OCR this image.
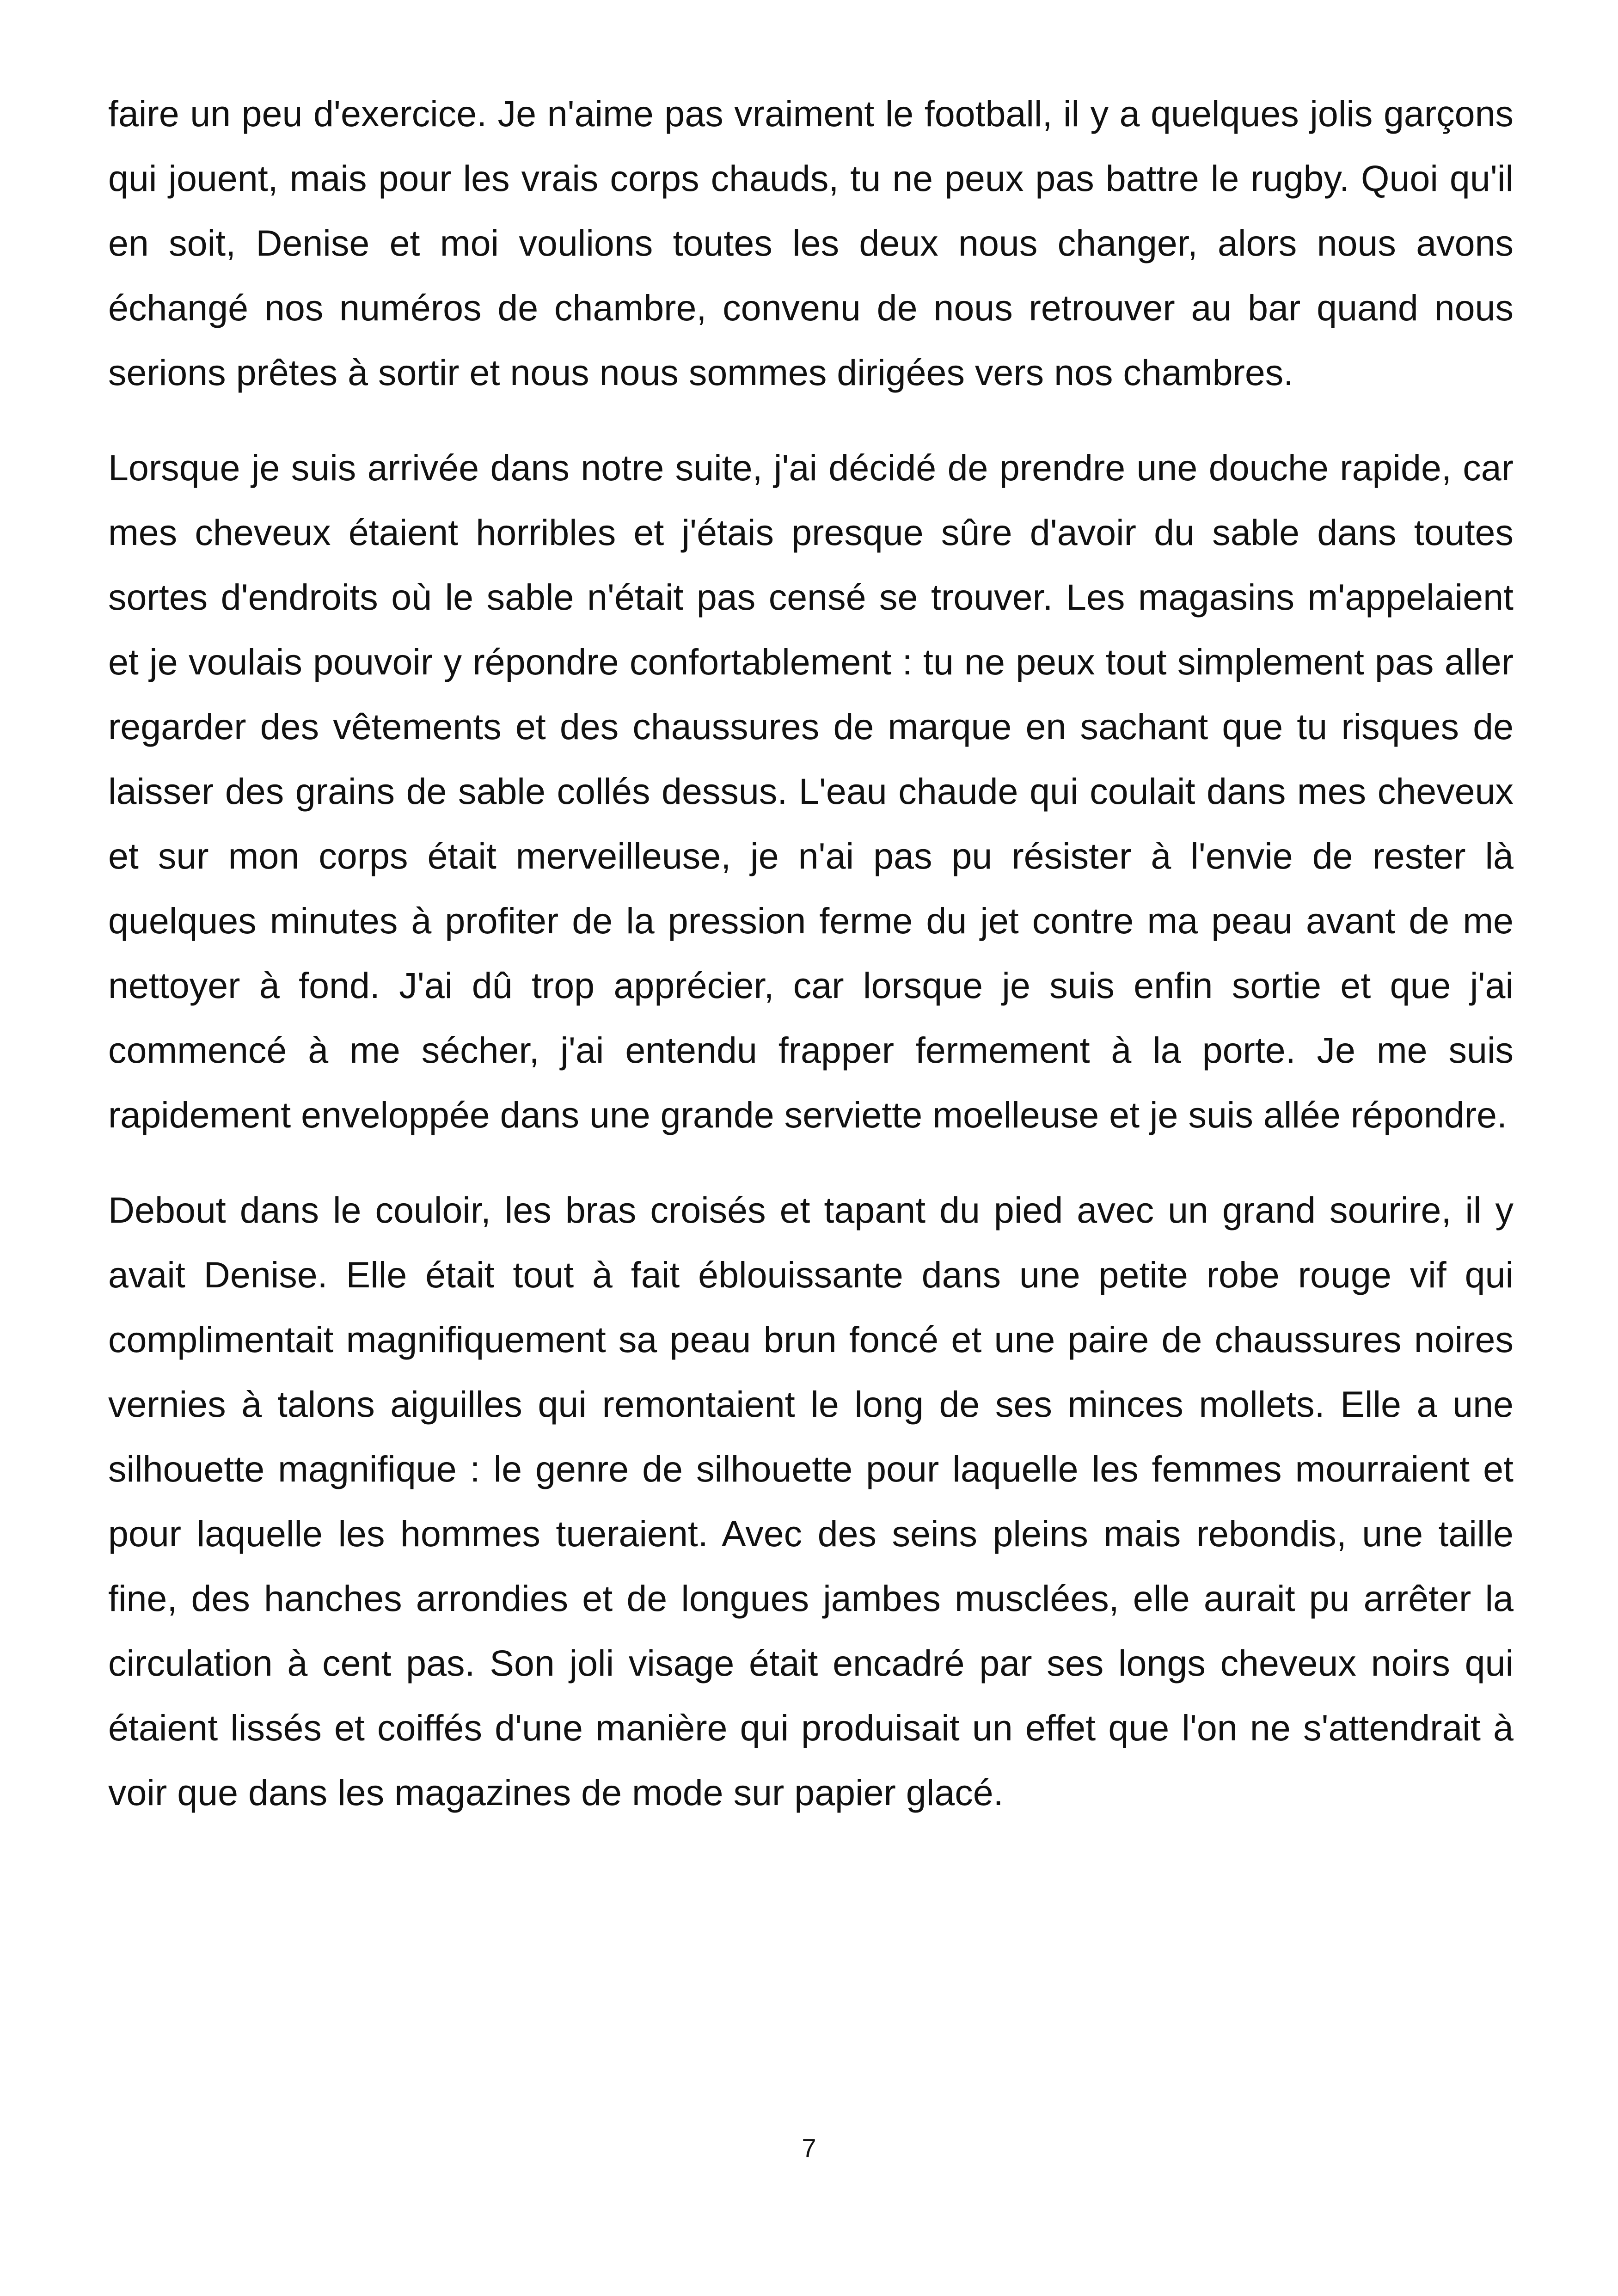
faire un peu d'exercice. Je n'aime pas vraiment le football, il y a quelques jolis garçons qui jouent, mais pour les vrais corps chauds, tu ne peux pas battre le rugby. Quoi qu'il en soit, Denise et moi voulions toutes les deux nous changer, alors nous avons échangé nos numéros de chambre, convenu de nous retrouver au bar quand nous serions prêtes à sortir et nous nous sommes dirigées vers nos chambres.

Lorsque je suis arrivée dans notre suite, j'ai décidé de prendre une douche rapide, car mes cheveux étaient horribles et j'étais presque sûre d'avoir du sable dans toutes sortes d'endroits où le sable n'était pas censé se trouver. Les magasins m'appelaient et je voulais pouvoir y répondre confortablement : tu ne peux tout simplement pas aller regarder des vêtements et des chaussures de marque en sachant que tu risques de laisser des grains de sable collés dessus. L'eau chaude qui coulait dans mes cheveux et sur mon corps était merveilleuse, je n'ai pas pu résister à l'envie de rester là quelques minutes à profiter de la pression ferme du jet contre ma peau avant de me nettoyer à fond. J'ai dû trop apprécier, car lorsque je suis enfin sortie et que j'ai commencé à me sécher, j'ai entendu frapper fermement à la porte. Je me suis rapidement enveloppée dans une grande serviette moelleuse et je suis allée répondre.

Debout dans le couloir, les bras croisés et tapant du pied avec un grand sourire, il y avait Denise. Elle était tout à fait éblouissante dans une petite robe rouge vif qui complimentait magnifiquement sa peau brun foncé et une paire de chaussures noires vernies à talons aiguilles qui remontaient le long de ses minces mollets. Elle a une silhouette magnifique : le genre de silhouette pour laquelle les femmes mourraient et pour laquelle les hommes tueraient. Avec des seins pleins mais rebondis, une taille fine, des hanches arrondies et de longues jambes musclées, elle aurait pu arrêter la circulation à cent pas. Son joli visage était encadré par ses longs cheveux noirs qui étaient lissés et coiffés d'une manière qui produisait un effet que l'on ne s'attendrait à voir que dans les magazines de mode sur papier glacé.

7
